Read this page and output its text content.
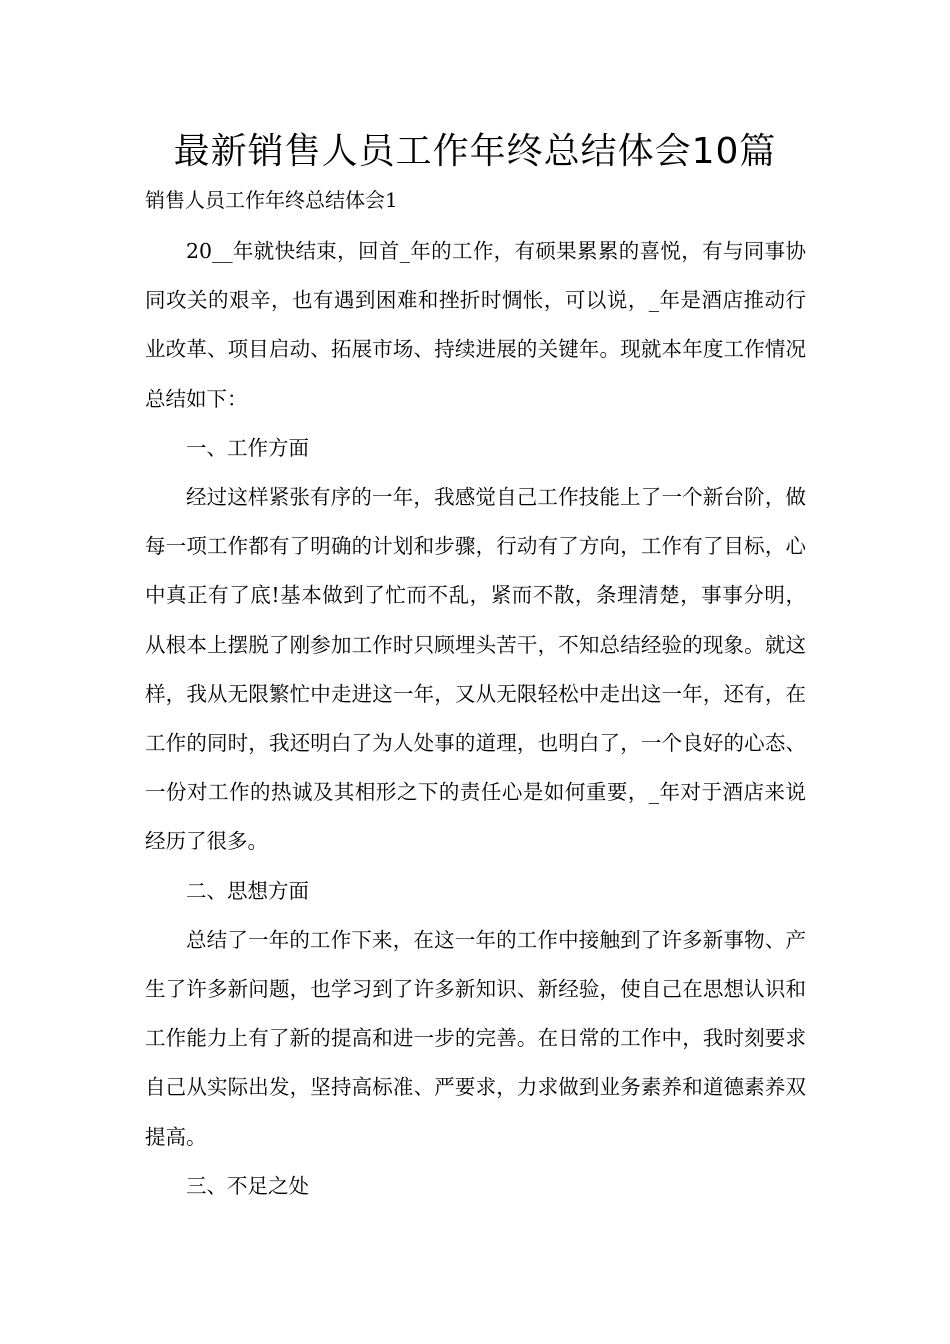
最新销售人员工作年终总结体会10篇

销售人员工作年终总结体会1

20__年就快结束，回首_年的工作，有硕果累累的喜悦，有与同事协同攻关的艰辛，也有遇到困难和挫折时惆怅，可以说，_年是酒店推动行业改革、项目启动、拓展市场、持续进展的关键年。现就本年度工作情况总结如下：

一、工作方面

经过这样紧张有序的一年，我感觉自己工作技能上了一个新台阶，做每一项工作都有了明确的计划和步骤，行动有了方向，工作有了目标，心中真正有了底!基本做到了忙而不乱，紧而不散，条理清楚，事事分明，从根本上摆脱了刚参加工作时只顾埋头苦干，不知总结经验的现象。就这样，我从无限繁忙中走进这一年，又从无限轻松中走出这一年，还有，在工作的同时，我还明白了为人处事的道理，也明白了，一个良好的心态、一份对工作的热诚及其相形之下的责任心是如何重要，_年对于酒店来说经历了很多。

二、思想方面

总结了一年的工作下来，在这一年的工作中接触到了许多新事物、产生了许多新问题，也学习到了许多新知识、新经验，使自己在思想认识和工作能力上有了新的提高和进一步的完善。在日常的工作中，我时刻要求自己从实际出发，坚持高标准、严要求，力求做到业务素养和道德素养双提高。

三、不足之处
